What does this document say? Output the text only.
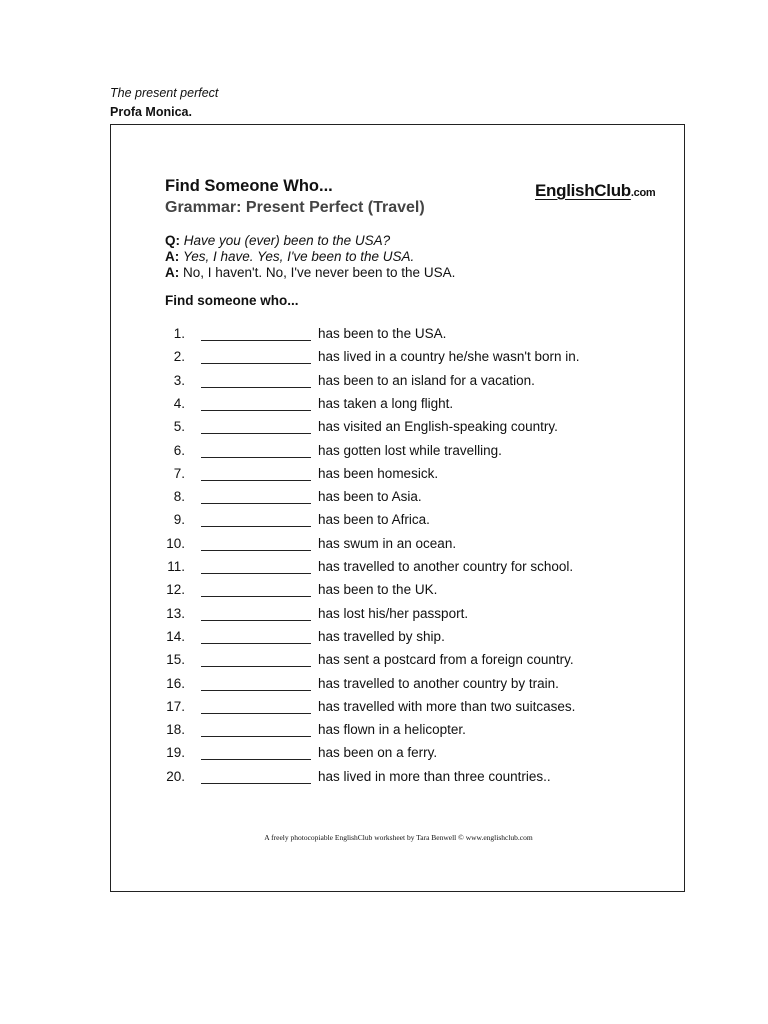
The present perfect
Profa Monica.
Find Someone Who...
Grammar: Present Perfect (Travel)
EnglishClub.com
Q: Have you (ever) been to the USA?
A: Yes, I have. Yes, I've been to the USA.
A: No, I haven't. No, I've never been to the USA.
Find someone who...
1.	has been to the USA.
2.	has lived in a country he/she wasn't born in.
3.	has been to an island for a vacation.
4.	has taken a long flight.
5.	has visited an English-speaking country.
6.	has gotten lost while travelling.
7.	has been homesick.
8.	has been to Asia.
9.	has been to Africa.
10.	has swum in an ocean.
11.	has travelled to another country for school.
12.	has been to the UK.
13.	has lost his/her passport.
14.	has travelled by ship.
15.	has sent a postcard from a foreign country.
16.	has travelled to another country by train.
17.	has travelled with more than two suitcases.
18.	has flown in a helicopter.
19.	has been on a ferry.
20.	has lived in more than three countries..
A freely photocopiable EnglishClub worksheet by Tara Benwell © www.englishclub.com
